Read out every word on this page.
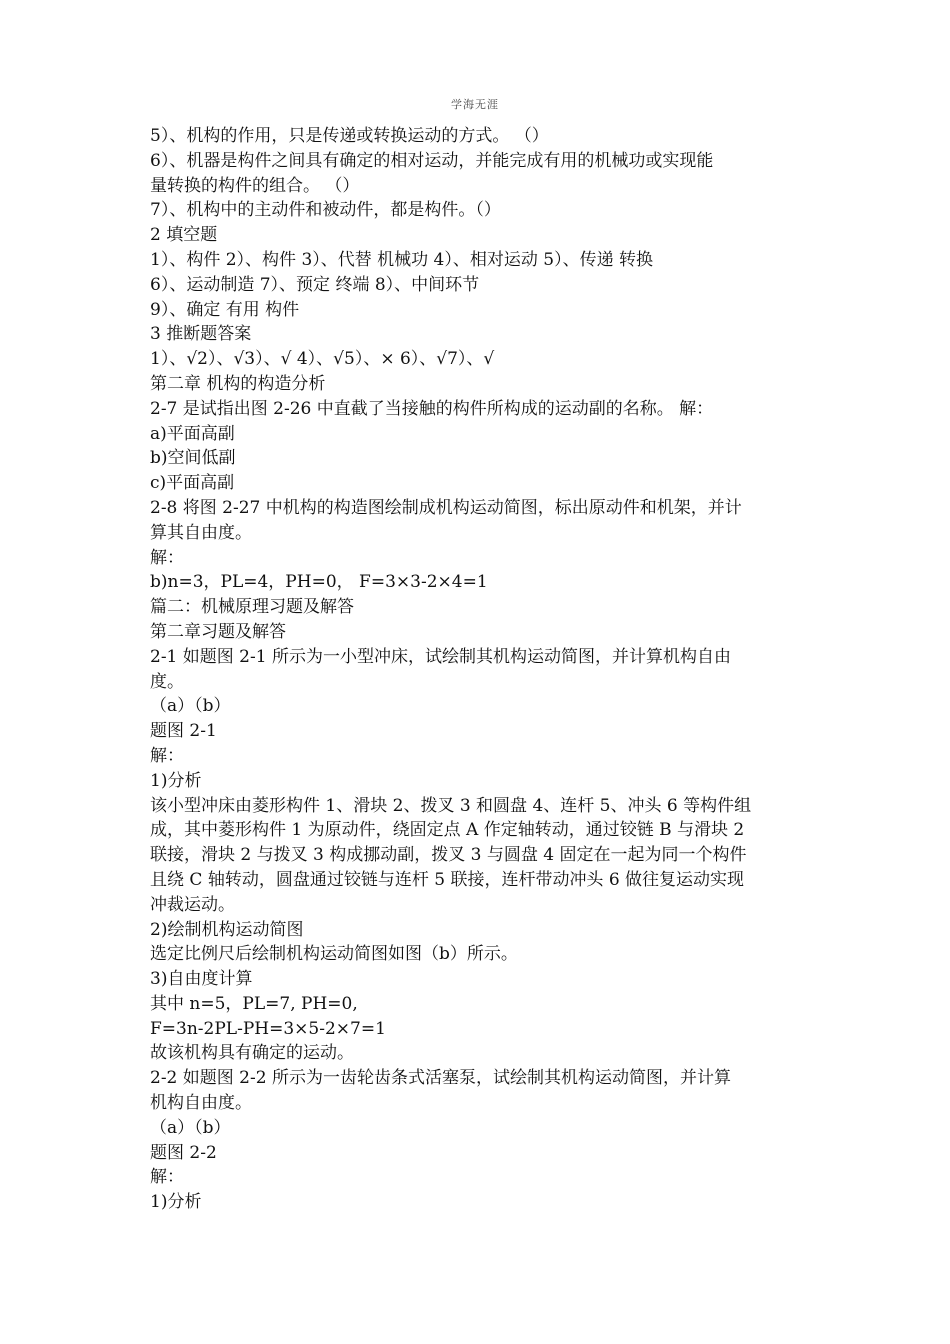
学海无涯
5）、机构的作用，只是传递或转换运动的方式。 （）
6）、机器是构件之间具有确定的相对运动，并能完成有用的机械功或实现能
量转换的构件的组合。 （）
7）、机构中的主动件和被动件，都是构件。（）
2 填空题
1）、构件 2）、构件 3）、代替 机械功 4）、相对运动 5）、传递 转换
6）、运动制造 7）、预定 终端 8）、中间环节
9）、确定 有用 构件
3 推断题答案
1）、√2）、√3）、√ 4）、√5）、× 6）、√7）、√
第二章 机构的构造分析
2-7 是试指出图 2-26 中直截了当接触的构件所构成的运动副的名称。 解：
a)平面高副
b)空间低副
c)平面高副
2-8 将图 2-27 中机构的构造图绘制成机构运动简图，标出原动件和机架，并计
算其自由度。
解：
b)n=3，PL=4，PH=0， F=3×3-2×4=1
篇二：机械原理习题及解答
第二章习题及解答
2-1 如题图 2-1 所示为一小型冲床，试绘制其机构运动简图，并计算机构自由
度。
（a）（b）
题图 2-1
解：
1)分析
该小型冲床由菱形构件 1、滑块 2、拨叉 3 和圆盘 4、连杆 5、冲头 6 等构件组
成，其中菱形构件 1 为原动件，绕固定点 A 作定轴转动，通过铰链 B 与滑块 2
联接，滑块 2 与拨叉 3 构成挪动副，拨叉 3 与圆盘 4 固定在一起为同一个构件
且绕 C 轴转动，圆盘通过铰链与连杆 5 联接，连杆带动冲头 6 做往复运动实现
冲裁运动。
2)绘制机构运动简图
选定比例尺后绘制机构运动简图如图（b）所示。
3)自由度计算
其中 n=5，PL=7, PH=0,
F=3n-2PL-PH=3×5-2×7=1
故该机构具有确定的运动。
2-2 如题图 2-2 所示为一齿轮齿条式活塞泵，试绘制其机构运动简图，并计算
机构自由度。
（a）（b）
题图 2-2
解：
1)分析
